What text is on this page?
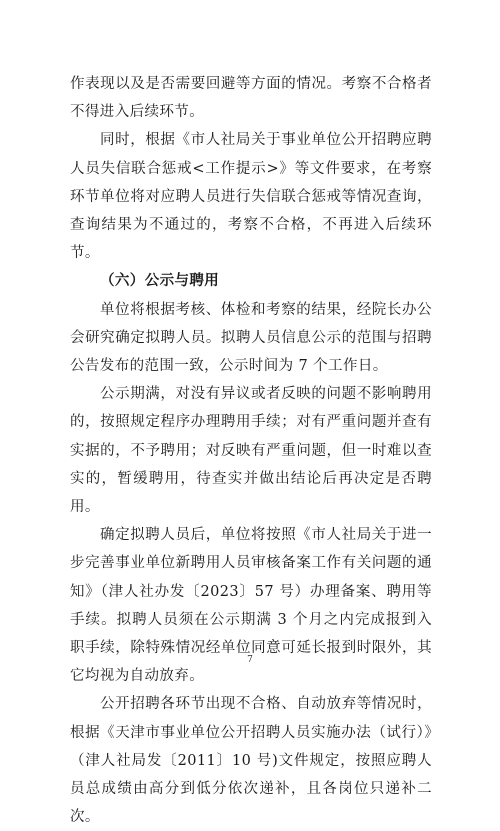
作表现以及是否需要回避等方面的情况。考察不合格者不得进入后续环节。

同时，根据《市人社局关于事业单位公开招聘应聘人员失信联合惩戒<工作提示>》等文件要求，在考察环节单位将对应聘人员进行失信联合惩戒等情况查询，查询结果为不通过的，考察不合格，不再进入后续环节。

（六）公示与聘用

单位将根据考核、体检和考察的结果，经院长办公会研究确定拟聘人员。拟聘人员信息公示的范围与招聘公告发布的范围一致，公示时间为 7 个工作日。

公示期满，对没有异议或者反映的问题不影响聘用的，按照规定程序办理聘用手续；对有严重问题并查有实据的，不予聘用；对反映有严重问题，但一时难以查实的，暂缓聘用，待查实并做出结论后再决定是否聘用。

确定拟聘人员后，单位将按照《市人社局关于进一步完善事业单位新聘用人员审核备案工作有关问题的通知》（津人社办发〔2023〕57 号）办理备案、聘用等手续。拟聘人员须在公示期满 3 个月之内完成报到入职手续，除特殊情况经单位同意可延长报到时限外，其它均视为自动放弃。

公开招聘各环节出现不合格、自动放弃等情况时，根据《天津市事业单位公开招聘人员实施办法（试行）》（津人社局发〔2011〕10 号)文件规定，按照应聘人员总成绩由高分到低分依次递补，且各岗位只递补二次。

7
